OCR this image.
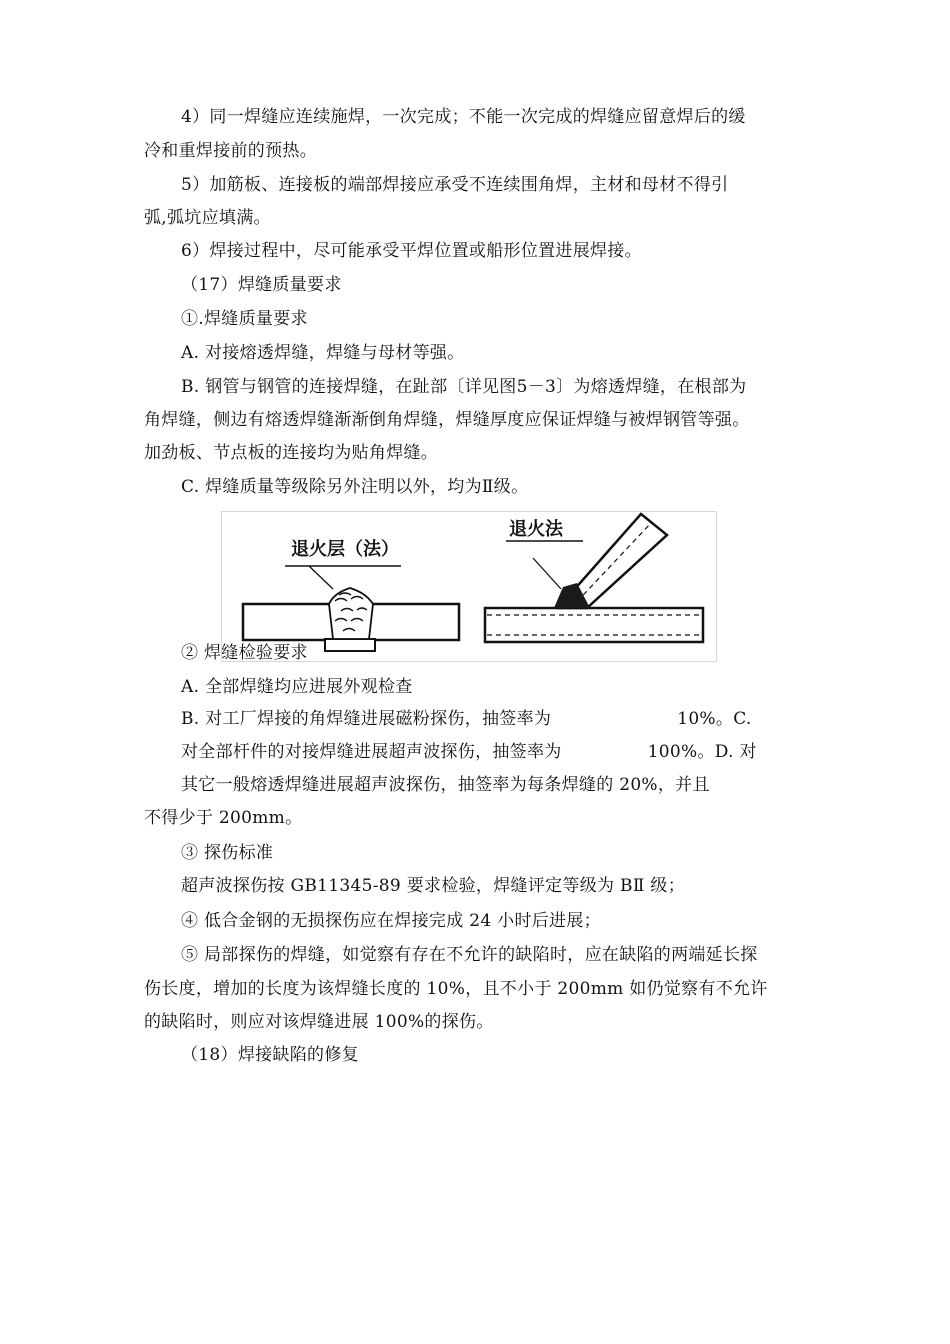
4）同一焊缝应连续施焊，一次完成；不能一次完成的焊缝应留意焊后的缓
冷和重焊接前的预热。
5）加筋板、连接板的端部焊接应承受不连续围角焊，主材和母材不得引
弧,弧坑应填满。
6）焊接过程中，尽可能承受平焊位置或船形位置进展焊接。
（17）焊缝质量要求
①.焊缝质量要求
A. 对接熔透焊缝，焊缝与母材等强。
B. 钢管与钢管的连接焊缝，在趾部〔详见图5－3〕为熔透焊缝，在根部为
角焊缝，侧边有熔透焊缝渐渐倒角焊缝，焊缝厚度应保证焊缝与被焊钢管等强。
加劲板、节点板的连接均为贴角焊缝。
C. 焊缝质量等级除另外注明以外，均为Ⅱ级。
退火层（法）
退火法
② 焊缝检验要求
A. 全部焊缝均应进展外观检查
B. 对工厂焊接的角焊缝进展磁粉探伤，抽签率为	10%。C.
对全部杆件的对接焊缝进展超声波探伤，抽签率为	100%。D. 对
其它一般熔透焊缝进展超声波探伤，抽签率为每条焊缝的 20%，并且
不得少于 200mm。
③ 探伤标准
超声波探伤按 GB11345-89 要求检验，焊缝评定等级为 BⅡ 级；
④ 低合金钢的无损探伤应在焊接完成 24 小时后进展；
⑤ 局部探伤的焊缝，如觉察有存在不允许的缺陷时，应在缺陷的两端延长探
伤长度，增加的长度为该焊缝长度的 10%，且不小于 200mm 如仍觉察有不允许
的缺陷时，则应对该焊缝进展 100%的探伤。
（18）焊接缺陷的修复
